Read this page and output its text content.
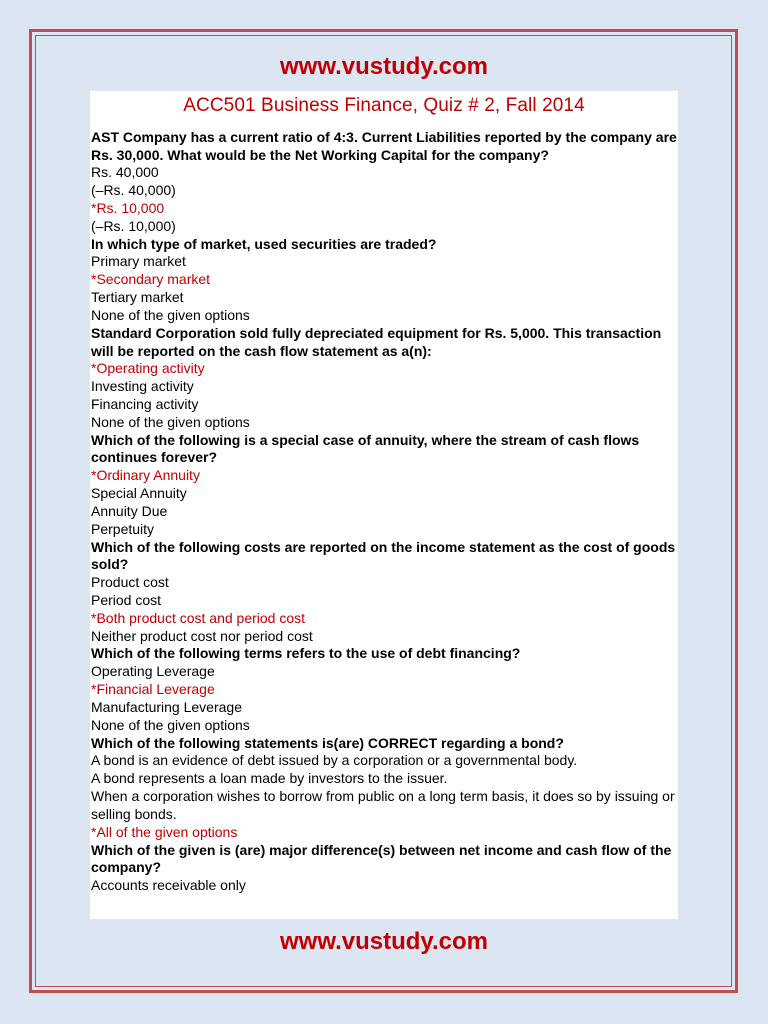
www.vustudy.com
ACC501 Business Finance, Quiz # 2, Fall 2014
AST Company has a current ratio of 4:3. Current Liabilities reported by the company are Rs. 30,000. What would be the Net Working Capital for the company?
Rs. 40,000
(–Rs. 40,000)
*Rs. 10,000
(–Rs. 10,000)
In which type of market, used securities are traded?
Primary market
*Secondary market
Tertiary market
None of the given options
Standard Corporation sold fully depreciated equipment for Rs. 5,000. This transaction will be reported on the cash flow statement as a(n):
*Operating activity
Investing activity
Financing activity
None of the given options
Which of the following is a special case of annuity, where the stream of cash flows continues forever?
*Ordinary Annuity
Special Annuity
Annuity Due
Perpetuity
Which of the following costs are reported on the income statement as the cost of goods sold?
Product cost
Period cost
*Both product cost and period cost
Neither product cost nor period cost
Which of the following terms refers to the use of debt financing?
Operating Leverage
*Financial Leverage
Manufacturing Leverage
None of the given options
Which of the following statements is(are) CORRECT regarding a bond?
A bond is an evidence of debt issued by a corporation or a governmental body.
A bond represents a loan made by investors to the issuer.
When a corporation wishes to borrow from public on a long term basis, it does so by issuing or selling bonds.
*All of the given options
Which of the given is (are) major difference(s) between net income and cash flow of the company?
Accounts receivable only
www.vustudy.com
